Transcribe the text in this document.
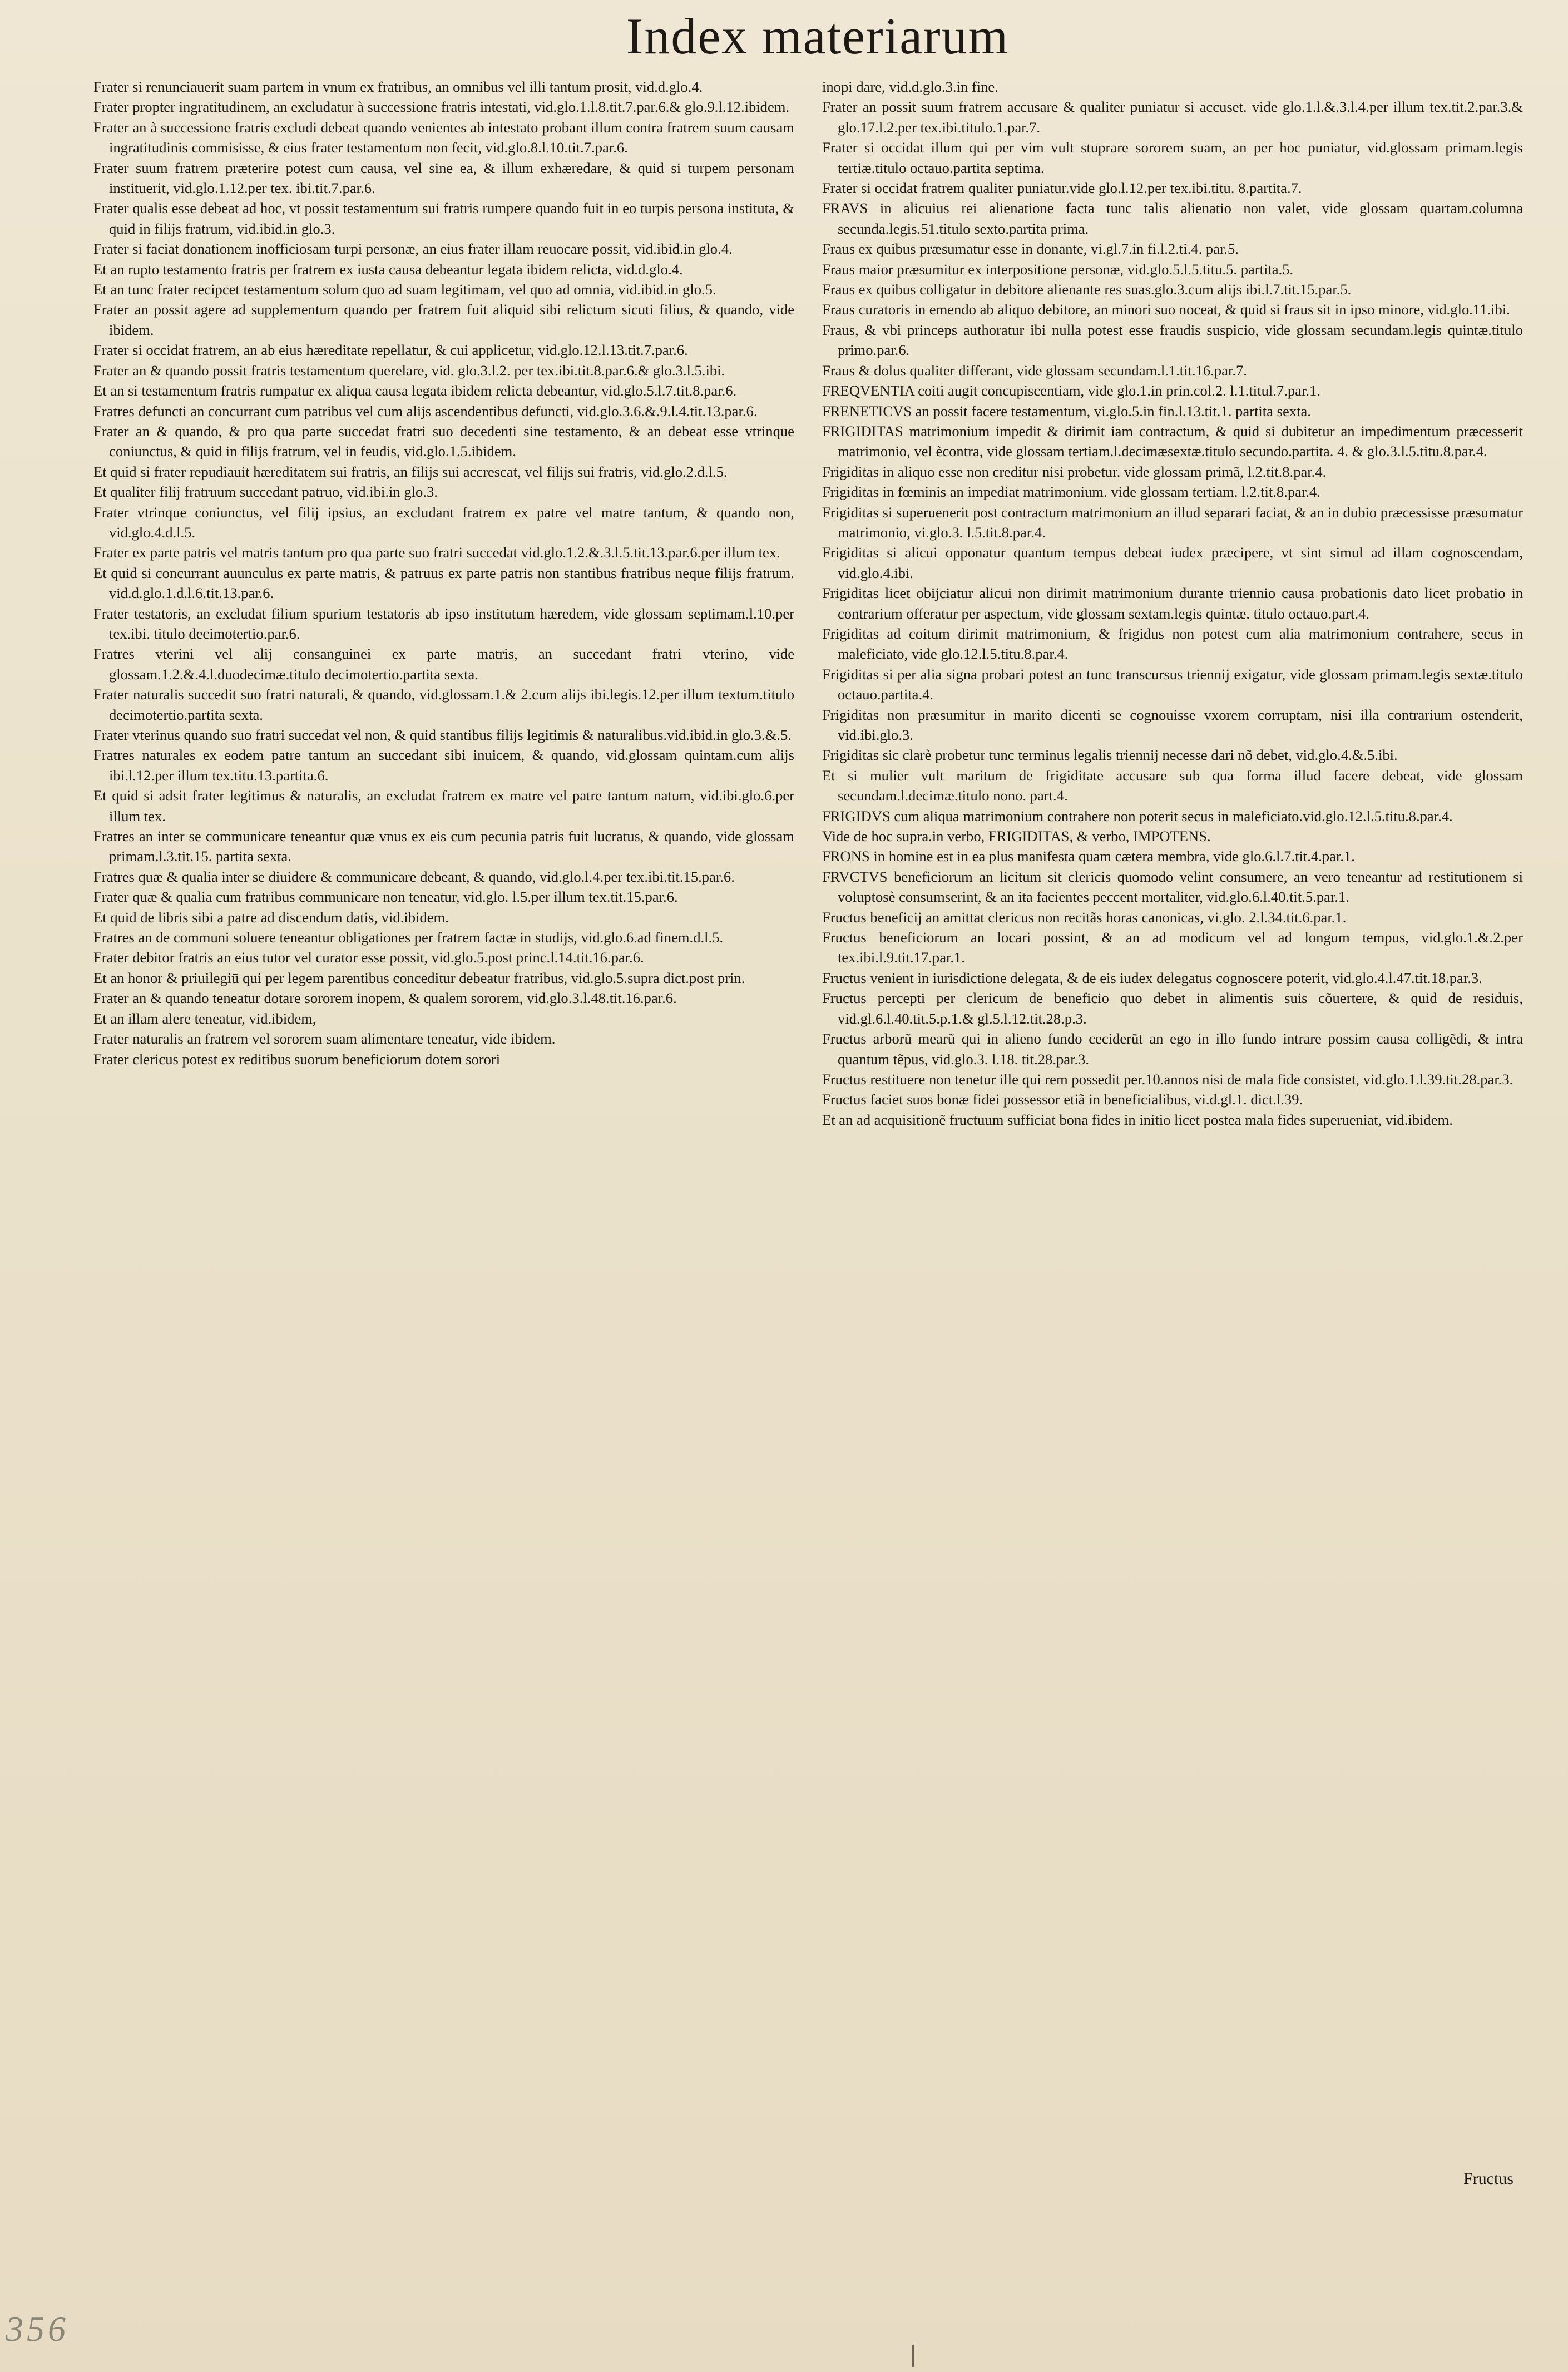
Index materiarum

Frater si renunciauerit suam partem in vnum ex fratribus, an omnibus vel illi tantum prosit, vid.d.glo.4.

Frater propter ingratitudinem, an excludatur à successione fratris intestati, vid.glo.1.l.8.tit.7.par.6.& glo.9.l.12.ibidem.

Frater an à successione fratris excludi debeat quando venientes ab intestato probant illum contra fratrem suum causam ingratitudinis commisisse, & eius frater testamentum non fecit, vid.glo.8.l.10.tit.7.par.6.

Frater suum fratrem præterire potest cum causa, vel sine ea, & illum exhæredare, & quid si turpem personam instituerit, vid.glo.1.12.per tex. ibi.tit.7.par.6.

Frater qualis esse debeat ad hoc, vt possit testamentum sui fratris rumpere quando fuit in eo turpis persona instituta, & quid in filijs fratrum, vid.ibid.in glo.3.

Frater si faciat donationem inofficiosam turpi personæ, an eius frater illam reuocare possit, vid.ibid.in glo.4.

Et an rupto testamento fratris per fratrem ex iusta causa debeantur legata ibidem relicta, vid.d.glo.4.

Et an tunc frater recipcet testamentum solum quo ad suam legitimam, vel quo ad omnia, vid.ibid.in glo.5.

Frater an possit agere ad supplementum quando per fratrem fuit aliquid sibi relictum sicuti filius, & quando, vide ibidem.

Frater si occidat fratrem, an ab eius hæreditate repellatur, & cui applicetur, vid.glo.12.l.13.tit.7.par.6.

Frater an & quando possit fratris testamentum querelare, vid. glo.3.l.2. per tex.ibi.tit.8.par.6.& glo.3.l.5.ibi.

Et an si testamentum fratris rumpatur ex aliqua causa legata ibidem relicta debeantur, vid.glo.5.l.7.tit.8.par.6.

Fratres defuncti an concurrant cum patribus vel cum alijs ascendentibus defuncti, vid.glo.3.6.&.9.l.4.tit.13.par.6.

Frater an & quando, & pro qua parte succedat fratri suo decedenti sine testamento, & an debeat esse vtrinque coniunctus, & quid in filijs fratrum, vel in feudis, vid.glo.1.5.ibidem.

Et quid si frater repudiauit hæreditatem sui fratris, an filijs sui accrescat, vel filijs sui fratris, vid.glo.2.d.l.5.

Et qualiter filij fratruum succedant patruo, vid.ibi.in glo.3.

Frater vtrinque coniunctus, vel filij ipsius, an excludant fratrem ex patre vel matre tantum, & quando non, vid.glo.4.d.l.5.

Frater ex parte patris vel matris tantum pro qua parte suo fratri succedat vid.glo.1.2.&.3.l.5.tit.13.par.6.per illum tex.

Et quid si concurrant auunculus ex parte matris, & patruus ex parte patris non stantibus fratribus neque filijs fratrum. vid.d.glo.1.d.l.6.tit.13.par.6.

Frater testatoris, an excludat filium spurium testatoris ab ipso institutum hæredem, vide glossam septimam.l.10.per tex.ibi. titulo decimotertio.par.6.

Fratres vterini vel alij consanguinei ex parte matris, an succedant fratri vterino, vide glossam.1.2.&.4.l.duodecimæ.titulo decimotertio.partita sexta.

Frater naturalis succedit suo fratri naturali, & quando, vid.glossam.1.& 2.cum alijs ibi.legis.12.per illum textum.titulo decimotertio.partita sexta.

Frater vterinus quando suo fratri succedat vel non, & quid stantibus filijs legitimis & naturalibus.vid.ibid.in glo.3.&.5.

Fratres naturales ex eodem patre tantum an succedant sibi inuicem, & quando, vid.glossam quintam.cum alijs ibi.l.12.per illum tex.titu.13.partita.6.

Et quid si adsit frater legitimus & naturalis, an excludat fratrem ex matre vel patre tantum natum, vid.ibi.glo.6.per illum tex.

Fratres an inter se communicare teneantur quæ vnus ex eis cum pecunia patris fuit lucratus, & quando, vide glossam primam.l.3.tit.15. partita sexta.

Fratres quæ & qualia inter se diuidere & communicare debeant, & quando, vid.glo.l.4.per tex.ibi.tit.15.par.6.

Frater quæ & qualia cum fratribus communicare non teneatur, vid.glo. l.5.per illum tex.tit.15.par.6.

Et quid de libris sibi a patre ad discendum datis, vid.ibidem.

Fratres an de communi soluere teneantur obligationes per fratrem factæ in studijs, vid.glo.6.ad finem.d.l.5.

Frater debitor fratris an eius tutor vel curator esse possit, vid.glo.5.post princ.l.14.tit.16.par.6.

Et an honor & priuilegiū qui per legem parentibus conceditur debeatur fratribus, vid.glo.5.supra dict.post prin.

Frater an & quando teneatur dotare sororem inopem, & qualem sororem, vid.glo.3.l.48.tit.16.par.6.

Et an illam alere teneatur, vid.ibidem,

Frater naturalis an fratrem vel sororem suam alimentare teneatur, vide ibidem.

Frater clericus potest ex reditibus suorum beneficiorum dotem sorori

inopi dare, vid.d.glo.3.in fine.

Frater an possit suum fratrem accusare & qualiter puniatur si accuset. vide glo.1.l.&.3.l.4.per illum tex.tit.2.par.3.& glo.17.l.2.per tex.ibi.titulo.1.par.7.

Frater si occidat illum qui per vim vult stuprare sororem suam, an per hoc puniatur, vid.glossam primam.legis tertiæ.titulo octauo.partita septima.

Frater si occidat fratrem qualiter puniatur.vide glo.l.12.per tex.ibi.titu. 8.partita.7.

FRAVS in alicuius rei alienatione facta tunc talis alienatio non valet, vide glossam quartam.columna secunda.legis.51.titulo sexto.partita prima.

Fraus ex quibus præsumatur esse in donante, vi.gl.7.in fi.l.2.ti.4. par.5.

Fraus maior præsumitur ex interpositione personæ, vid.glo.5.l.5.titu.5. partita.5.

Fraus ex quibus colligatur in debitore alienante res suas.glo.3.cum alijs ibi.l.7.tit.15.par.5.

Fraus curatoris in emendo ab aliquo debitore, an minori suo noceat, & quid si fraus sit in ipso minore, vid.glo.11.ibi.

Fraus, & vbi princeps authoratur ibi nulla potest esse fraudis suspicio, vide glossam secundam.legis quintæ.titulo primo.par.6.

Fraus & dolus qualiter differant, vide glossam secundam.l.1.tit.16.par.7.

FREQVENTIA coiti augit concupiscentiam, vide glo.1.in prin.col.2. l.1.titul.7.par.1.

FRENETICVS an possit facere testamentum, vi.glo.5.in fin.l.13.tit.1. partita sexta.

FRIGIDITAS matrimonium impedit & dirimit iam contractum, & quid si dubitetur an impedimentum præcesserit matrimonio, vel ècontra, vide glossam tertiam.l.decimæsextæ.titulo secundo.partita. 4. & glo.3.l.5.titu.8.par.4.

Frigiditas in aliquo esse non creditur nisi probetur. vide glossam primã, l.2.tit.8.par.4.

Frigiditas in fœminis an impediat matrimonium. vide glossam tertiam. l.2.tit.8.par.4.

Frigiditas si superuenerit post contractum matrimonium an illud separari faciat, & an in dubio præcessisse præsumatur matrimonio, vi.glo.3. l.5.tit.8.par.4.

Frigiditas si alicui opponatur quantum tempus debeat iudex præcipere, vt sint simul ad illam cognoscendam, vid.glo.4.ibi.

Frigiditas licet obijciatur alicui non dirimit matrimonium durante triennio causa probationis dato licet probatio in contrarium offeratur per aspectum, vide glossam sextam.legis quintæ. titulo octauo.part.4.

Frigiditas ad coitum dirimit matrimonium, & frigidus non potest cum alia matrimonium contrahere, secus in maleficiato, vide glo.12.l.5.titu.8.par.4.

Frigiditas si per alia signa probari potest an tunc transcursus triennij exigatur, vide glossam primam.legis sextæ.titulo octauo.partita.4.

Frigiditas non præsumitur in marito dicenti se cognouisse vxorem corruptam, nisi illa contrarium ostenderit, vid.ibi.glo.3.

Frigiditas sic clarè probetur tunc terminus legalis triennij necesse dari nõ debet, vid.glo.4.&.5.ibi.

Et si mulier vult maritum de frigiditate accusare sub qua forma illud facere debeat, vide glossam secundam.l.decimæ.titulo nono. part.4.

FRIGIDVS cum aliqua matrimonium contrahere non poterit secus in maleficiato.vid.glo.12.l.5.titu.8.par.4.

Vide de hoc supra.in verbo, FRIGIDITAS, & verbo, IMPOTENS.

FRONS in homine est in ea plus manifesta quam cætera membra, vide glo.6.l.7.tit.4.par.1.

FRVCTVS beneficiorum an licitum sit clericis quomodo velint consumere, an vero teneantur ad restitutionem si voluptosè consumserint, & an ita facientes peccent mortaliter, vid.glo.6.l.40.tit.5.par.1.

Fructus beneficij an amittat clericus non recitãs horas canonicas, vi.glo. 2.l.34.tit.6.par.1.

Fructus beneficiorum an locari possint, & an ad modicum vel ad longum tempus, vid.glo.1.&.2.per tex.ibi.l.9.tit.17.par.1.

Fructus venient in iurisdictione delegata, & de eis iudex delegatus cognoscere poterit, vid.glo.4.l.47.tit.18.par.3.

Fructus percepti per clericum de beneficio quo debet in alimentis suis cõuertere, & quid de residuis, vid.gl.6.l.40.tit.5.p.1.& gl.5.l.12.tit.28.p.3.

Fructus arborũ mearũ qui in alieno fundo ceciderũt an ego in illo fundo intrare possim causa colligẽdi, & intra quantum tẽpus, vid.glo.3. l.18. tit.28.par.3.

Fructus restituere non tenetur ille qui rem possedit per.10.annos nisi de mala fide consistet, vid.glo.1.l.39.tit.28.par.3.

Fructus faciet suos bonæ fidei possessor etiã in beneficialibus, vi.d.gl.1. dict.l.39.

Et an ad acquisitionẽ fructuum sufficiat bona fides in initio licet postea mala fides superueniat, vid.ibidem.

Fructus
356
